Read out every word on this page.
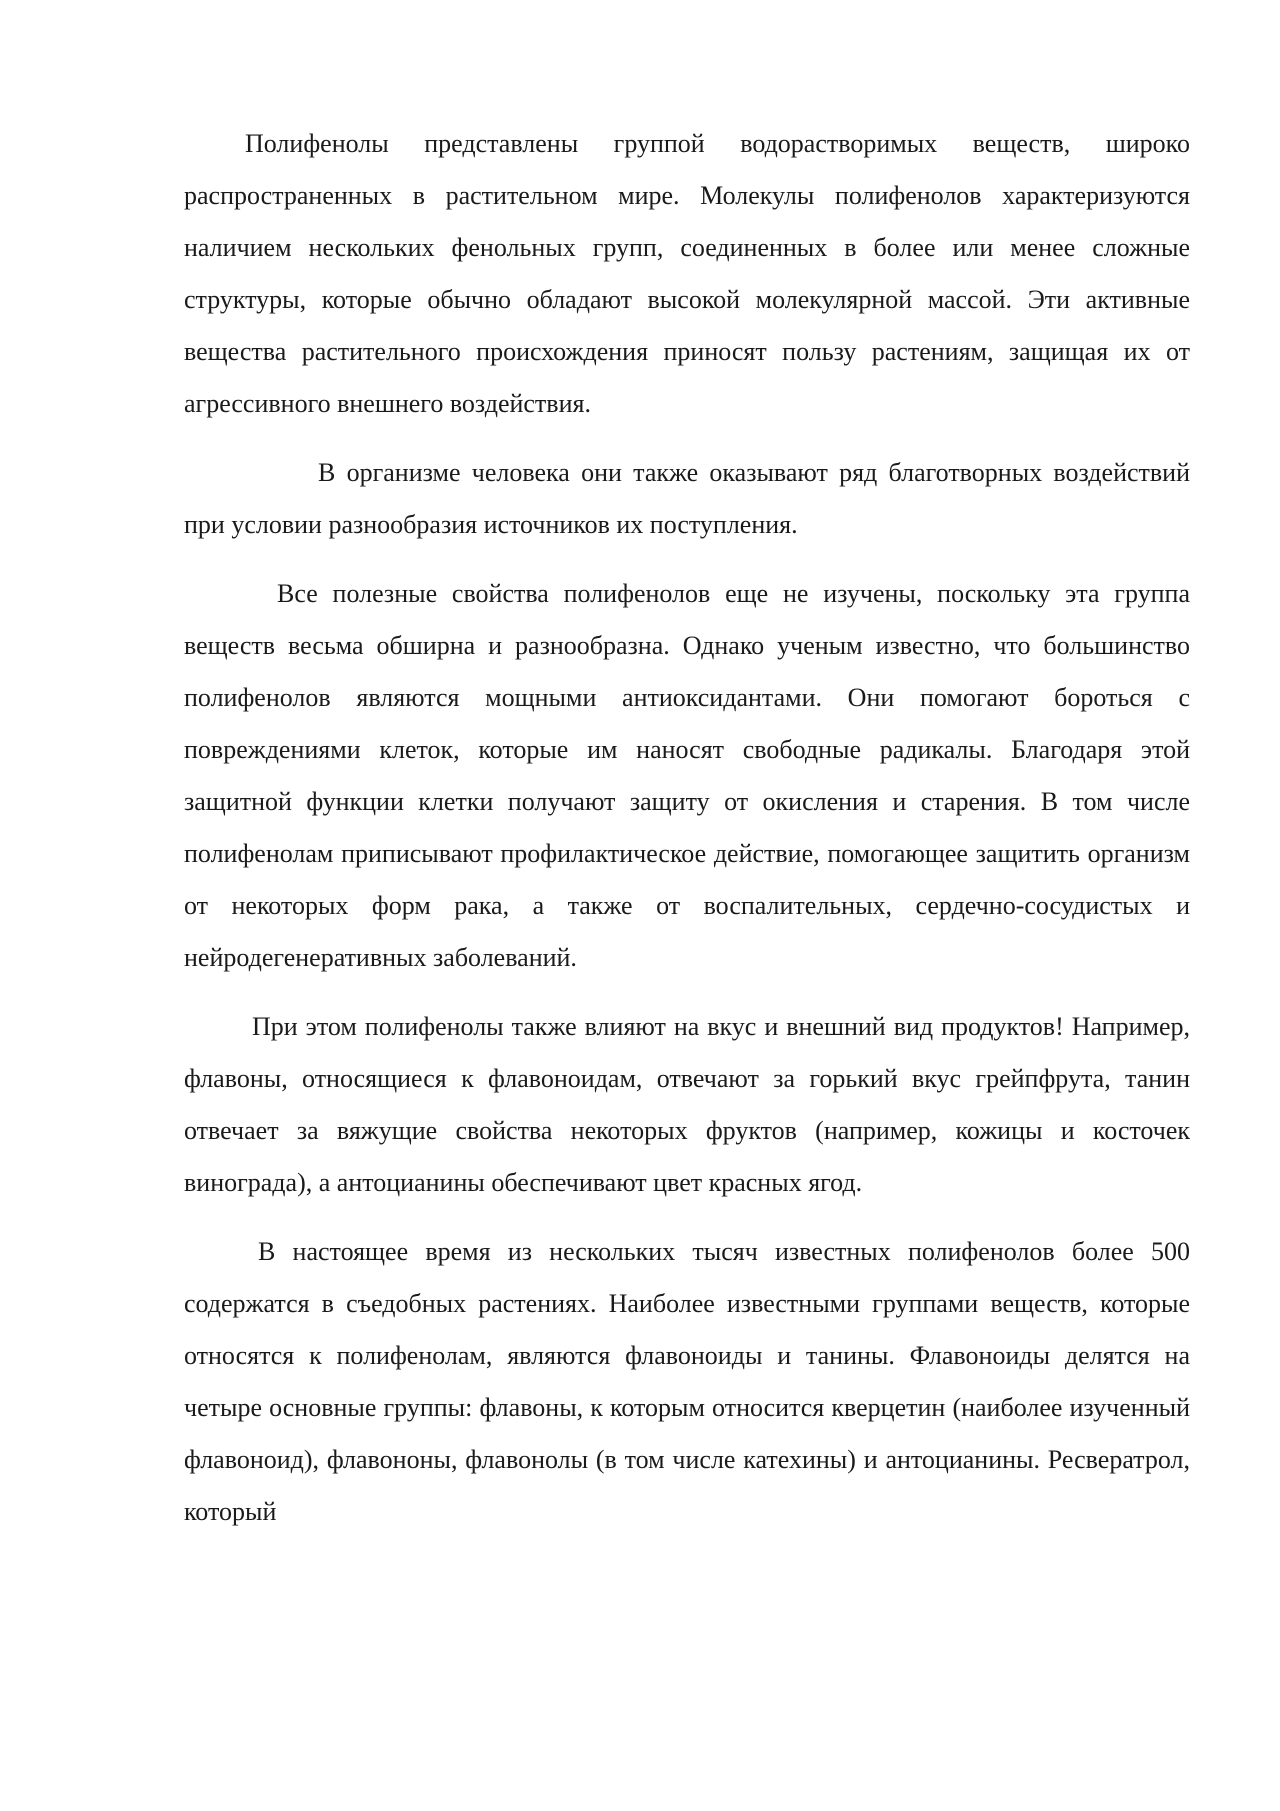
Полифенолы представлены группой водорастворимых веществ, широко распространенных в растительном мире. Молекулы полифенолов характеризуются наличием нескольких фенольных групп, соединенных в более или менее сложные структуры, которые обычно обладают высокой молекулярной массой. Эти активные вещества растительного происхождения приносят пользу растениям, защищая их от агрессивного внешнего воздействия.

В организме человека они также оказывают ряд благотворных воздействий при условии разнообразия источников их поступления.

Все полезные свойства полифенолов еще не изучены, поскольку эта группа веществ весьма обширна и разнообразна. Однако ученым известно, что большинство полифенолов являются мощными антиоксидантами. Они помогают бороться с повреждениями клеток, которые им наносят свободные радикалы. Благодаря этой защитной функции клетки получают защиту от окисления и старения. В том числе полифенолам приписывают профилактическое действие, помогающее защитить организм от некоторых форм рака, а также от воспалительных, сердечно-сосудистых и нейродегенеративных заболеваний.

При этом полифенолы также влияют на вкус и внешний вид продуктов! Например, флавоны, относящиеся к флавоноидам, отвечают за горький вкус грейпфрута, танин отвечает за вяжущие свойства некоторых фруктов (например, кожицы и косточек винограда), а антоцианины обеспечивают цвет красных ягод.

В настоящее время из нескольких тысяч известных полифенолов более 500 содержатся в съедобных растениях. Наиболее известными группами веществ, которые относятся к полифенолам, являются флавоноиды и танины. Флавоноиды делятся на четыре основные группы: флавоны, к которым относится кверцетин (наиболее изученный флавоноид), флавононы, флавонолы (в том числе катехины) и антоцианины. Ресвератрол, который
